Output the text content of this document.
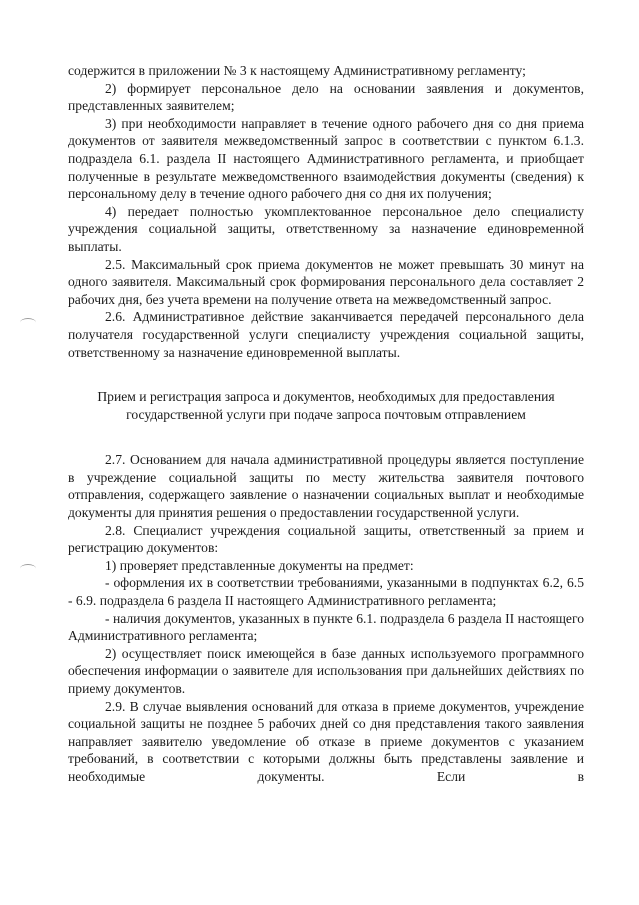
содержится в приложении № 3 к настоящему Административному регламенту;

2) формирует персональное дело на основании заявления и документов, представленных заявителем;

3) при необходимости направляет в течение одного рабочего дня со дня приема документов от заявителя межведомственный запрос в соответствии с пунктом 6.1.3. подраздела 6.1. раздела II настоящего Административного регламента, и приобщает полученные в результате межведомственного взаимодействия документы (сведения) к персональному делу в течение одного рабочего дня со дня их получения;

4) передает полностью укомплектованное персональное дело специалисту учреждения социальной защиты, ответственному за назначение единовременной выплаты.

2.5. Максимальный срок приема документов не может превышать 30 минут на одного заявителя. Максимальный срок формирования персонального дела составляет 2 рабочих дня, без учета времени на получение ответа на межведомственный запрос.

2.6. Административное действие заканчивается передачей персонального дела получателя государственной услуги специалисту учреждения социальной защиты, ответственному за назначение единовременной выплаты.

Прием и регистрация запроса и документов, необходимых для предоставления государственной услуги при подаче запроса почтовым отправлением

2.7. Основанием для начала административной процедуры является поступление в учреждение социальной защиты по месту жительства заявителя почтового отправления, содержащего заявление о назначении социальных выплат и необходимые документы для принятия решения о предоставлении государственной услуги.

2.8. Специалист учреждения социальной защиты, ответственный за прием и регистрацию документов:

1) проверяет представленные документы на предмет:

- оформления их в соответствии требованиями, указанными в подпунктах 6.2, 6.5 - 6.9. подраздела 6 раздела II настоящего Административного регламента;

- наличия документов, указанных в пункте 6.1. подраздела 6 раздела II настоящего Административного регламента;

2) осуществляет поиск имеющейся в базе данных используемого программного обеспечения информации о заявителе для использования при дальнейших действиях по приему документов.

2.9. В случае выявления оснований для отказа в приеме документов, учреждение социальной защиты не позднее 5 рабочих дней со дня представления такого заявления направляет заявителю уведомление об отказе в приеме документов с указанием требований, в соответствии с которыми должны быть представлены заявление и необходимые документы. Если в
